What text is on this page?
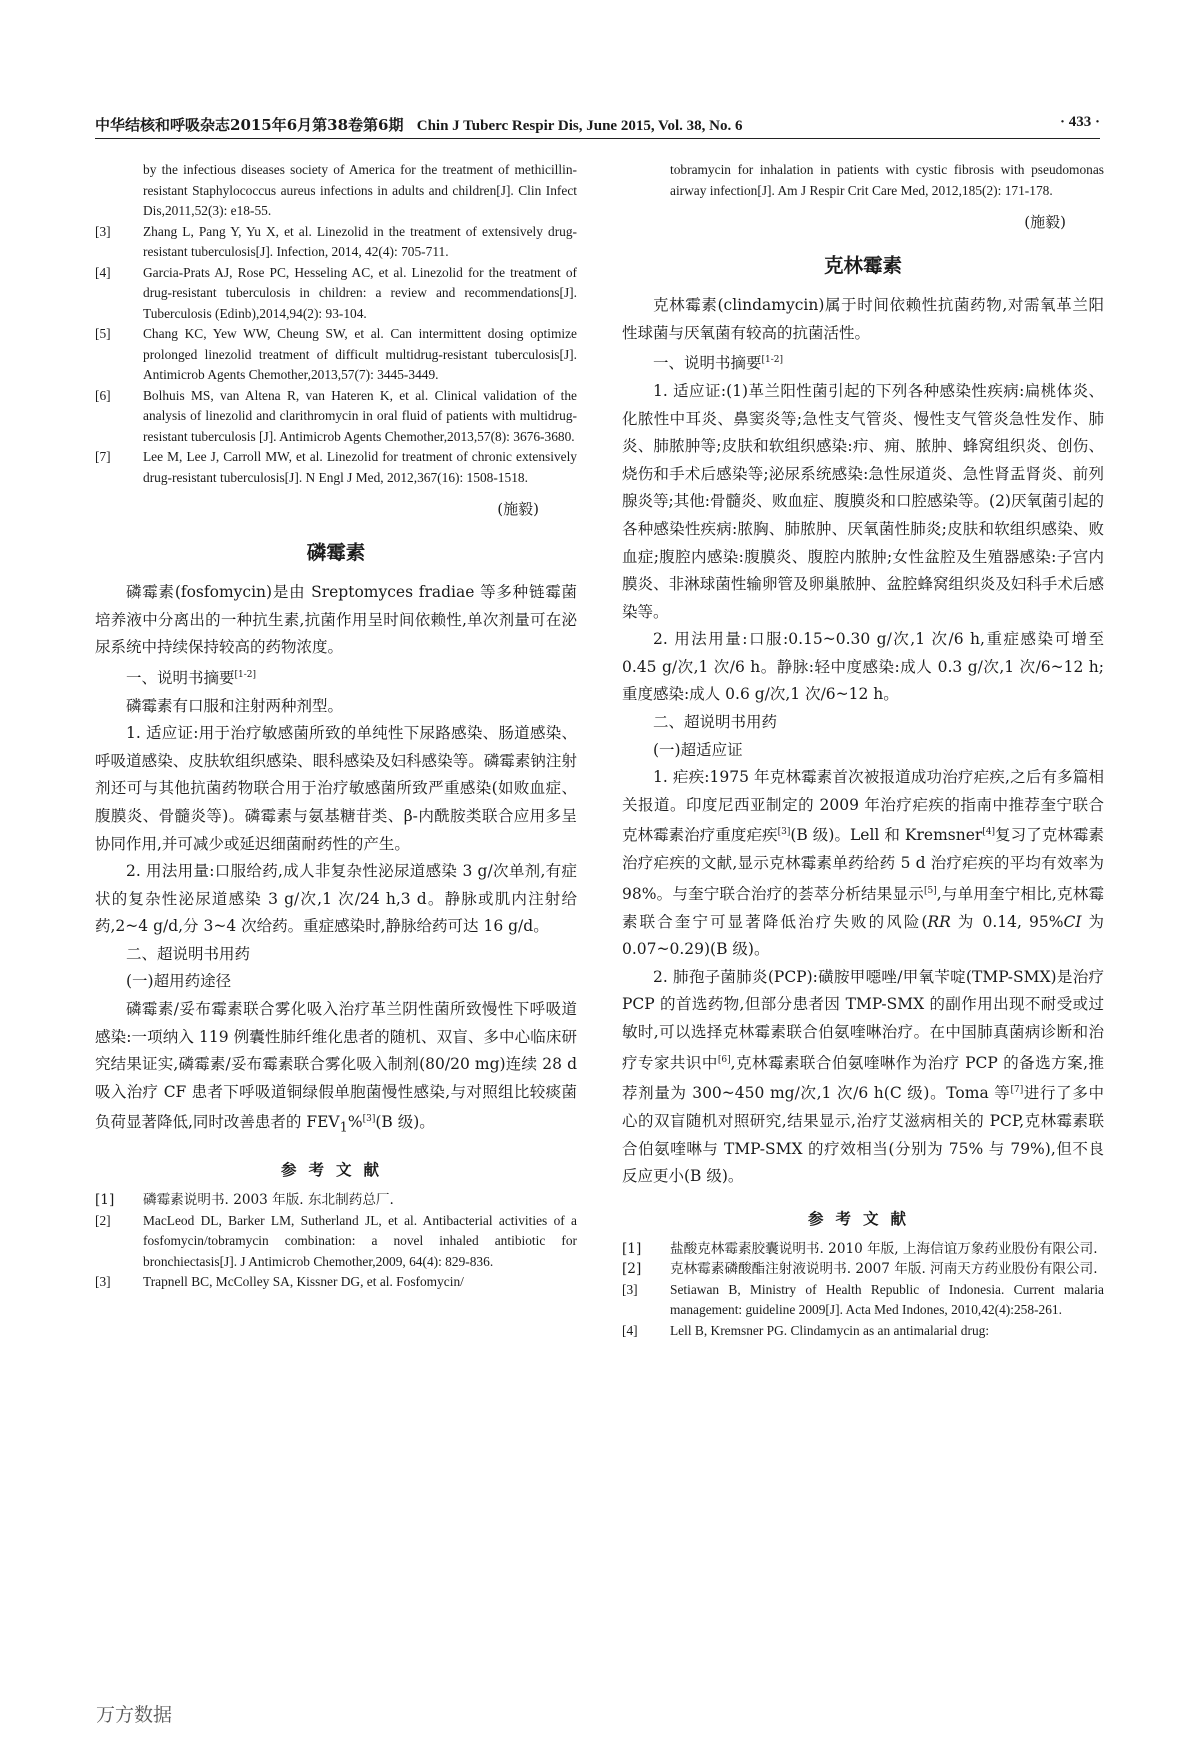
中华结核和呼吸杂志2015年6月第38卷第6期 Chin J Tuberc Respir Dis, June 2015, Vol. 38, No. 6	· 433 ·

by the infectious diseases society of America for the treatment of methicillin-resistant Staphylococcus aureus infections in adults and children[J]. Clin Infect Dis,2011,52(3): e18-55.

[3]	Zhang L, Pang Y, Yu X, et al. Linezolid in the treatment of extensively drug-resistant tuberculosis[J]. Infection, 2014, 42(4): 705-711.

[4]	Garcia-Prats AJ, Rose PC, Hesseling AC, et al. Linezolid for the treatment of drug-resistant tuberculosis in children: a review and recommendations[J]. Tuberculosis (Edinb),2014,94(2): 93-104.

[5]	Chang KC, Yew WW, Cheung SW, et al. Can intermittent dosing optimize prolonged linezolid treatment of difficult multidrug-resistant tuberculosis[J]. Antimicrob Agents Chemother,2013,57(7): 3445-3449.

[6]	Bolhuis MS, van Altena R, van Hateren K, et al. Clinical validation of the analysis of linezolid and clarithromycin in oral fluid of patients with multidrug-resistant tuberculosis [J]. Antimicrob Agents Chemother,2013,57(8): 3676-3680.

[7]	Lee M, Lee J, Carroll MW, et al. Linezolid for treatment of chronic extensively drug-resistant tuberculosis[J]. N Engl J Med, 2012,367(16): 1508-1518.

(施毅)
磷霉素

磷霉素(fosfomycin)是由 Sreptomyces fradiae 等多种链霉菌培养液中分离出的一种抗生素,抗菌作用呈时间依赖性,单次剂量可在泌尿系统中持续保持较高的药物浓度。

一、说明书摘要[1-2]

磷霉素有口服和注射两种剂型。

1. 适应证:用于治疗敏感菌所致的单纯性下尿路感染、肠道感染、呼吸道感染、皮肤软组织感染、眼科感染及妇科感染等。磷霉素钠注射剂还可与其他抗菌药物联合用于治疗敏感菌所致严重感染(如败血症、腹膜炎、骨髓炎等)。磷霉素与氨基糖苷类、β-内酰胺类联合应用多呈协同作用,并可减少或延迟细菌耐药性的产生。

2. 用法用量:口服给药,成人非复杂性泌尿道感染 3 g/次单剂,有症状的复杂性泌尿道感染 3 g/次,1 次/24 h,3 d。静脉或肌内注射给药,2~4 g/d,分 3~4 次给药。重症感染时,静脉给药可达 16 g/d。

二、超说明书用药

(一)超用药途径

磷霉素/妥布霉素联合雾化吸入治疗革兰阴性菌所致慢性下呼吸道感染:一项纳入 119 例囊性肺纤维化患者的随机、双盲、多中心临床研究结果证实,磷霉素/妥布霉素联合雾化吸入制剂(80/20 mg)连续 28 d 吸入治疗 CF 患者下呼吸道铜绿假单胞菌慢性感染,与对照组比较痰菌负荷显著降低,同时改善患者的 $FEV_1\%[3](B$ 级)。

参考文献

[1]	磷霉素说明书. 2003 年版. 东北制药总厂.

[2]	MacLeod DL, Barker LM, Sutherland JL, et al. Antibacterial activities of a fosfomycin/tobramycin combination: a novel inhaled antibiotic for bronchiectasis[J]. J Antimicrob Chemother,2009, 64(4): 829-836.

[3]	Trapnell BC, McColley SA, Kissner DG, et al. Fosfomycin/

tobramycin for inhalation in patients with cystic fibrosis with pseudomonas airway infection[J]. Am J Respir Crit Care Med, 2012,185(2): 171-178.

(施毅)
克林霉素

克林霉素(clindamycin)属于时间依赖性抗菌药物,对需氧革兰阳性球菌与厌氧菌有较高的抗菌活性。

一、说明书摘要[1-2]

1. 适应证:(1)革兰阳性菌引起的下列各种感染性疾病:扁桃体炎、化脓性中耳炎、鼻窦炎等;急性支气管炎、慢性支气管炎急性发作、肺炎、肺脓肿等;皮肤和软组织感染:疖、痈、脓肿、蜂窝组织炎、创伤、烧伤和手术后感染等;泌尿系统感染:急性尿道炎、急性肾盂肾炎、前列腺炎等;其他:骨髓炎、败血症、腹膜炎和口腔感染等。(2)厌氧菌引起的各种感染性疾病:脓胸、肺脓肿、厌氧菌性肺炎;皮肤和软组织感染、败血症;腹腔内感染:腹膜炎、腹腔内脓肿;女性盆腔及生殖器感染:子宫内膜炎、非淋球菌性输卵管及卵巢脓肿、盆腔蜂窝组织炎及妇科手术后感染等。

2. 用法用量:口服:0.15~0.30 g/次,1 次/6 h,重症感染可增至 0.45 g/次,1 次/6 h。静脉:轻中度感染:成人 0.3 g/次,1 次/6~12 h;重度感染:成人 0.6 g/次,1 次/6~12 h。

二、超说明书用药

(一)超适应证

1. 疟疾:1975 年克林霉素首次被报道成功治疗疟疾,之后有多篇相关报道。印度尼西亚制定的 2009 年治疗疟疾的指南中推荐奎宁联合克林霉素治疗重度疟疾[3](B 级)。Lell 和 Kremsner[4]复习了克林霉素治疗疟疾的文献,显示克林霉素单药给药 5 d 治疗疟疾的平均有效率为 98%。与奎宁联合治疗的荟萃分析结果显示[5],与单用奎宁相比,克林霉素联合奎宁可显著降低治疗失败的风险(RR 为 0.14, 95%CI 为 0.07~0.29)(B 级)。

2. 肺孢子菌肺炎(PCP):磺胺甲噁唑/甲氧苄啶(TMP-SMX)是治疗 PCP 的首选药物,但部分患者因 TMP-SMX 的副作用出现不耐受或过敏时,可以选择克林霉素联合伯氨喹啉治疗。在中国肺真菌病诊断和治疗专家共识中[6],克林霉素联合伯氨喹啉作为治疗 PCP 的备选方案,推荐剂量为 300~450 mg/次,1 次/6 h(C 级)。Toma 等[7]进行了多中心的双盲随机对照研究,结果显示,治疗艾滋病相关的 PCP,克林霉素联合伯氨喹啉与 TMP-SMX 的疗效相当(分别为 75% 与 79%),但不良反应更小(B 级)。

参考文献

[1]	盐酸克林霉素胶囊说明书. 2010 年版, 上海信谊万象药业股份有限公司.

[2]	克林霉素磷酸酯注射液说明书. 2007 年版. 河南天方药业股份有限公司.

[3]	Setiawan B, Ministry of Health Republic of Indonesia. Current malaria management: guideline 2009[J]. Acta Med Indones, 2010,42(4):258-261.

[4]	Lell B, Kremsner PG. Clindamycin as an antimalarial drug:

万方数据
